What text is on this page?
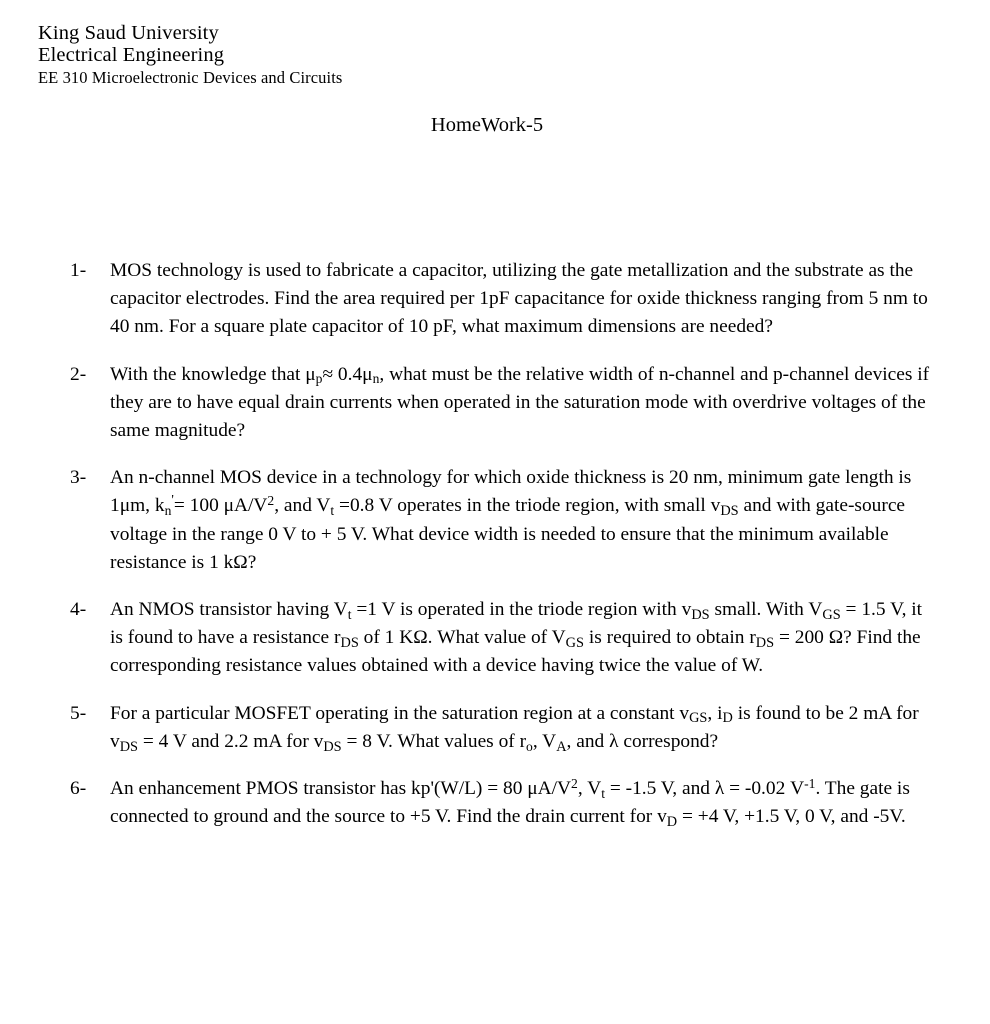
King Saud University
Electrical Engineering
EE 310 Microelectronic Devices and Circuits
HomeWork-5
1-	MOS technology is used to fabricate a capacitor, utilizing the gate metallization and the substrate as the capacitor electrodes. Find the area required per 1pF capacitance for oxide thickness ranging from 5 nm to 40 nm. For a square plate capacitor of 10 pF, what maximum dimensions are needed?
2-	With the knowledge that $\mu_p\approx 0.4\mu_n$, what must be the relative width of n-channel and p-channel devices if they are to have equal drain currents when operated in the saturation mode with overdrive voltages of the same magnitude?
3-	An n-channel MOS device in a technology for which oxide thickness is 20 nm, minimum gate length is 1μm, $k_n'= 100$ $\mu A/V^2$, and $V_t =0.8$ V operates in the triode region, with small vDS and with gate-source voltage in the range 0 V to + 5 V. What device width is needed to ensure that the minimum available resistance is 1 kΩ?
4-	An NMOS transistor having $V_t =1$ V is operated in the triode region with vDS small. With VGS = 1.5 V, it is found to have a resistance rDS of 1 KΩ. What value of VGS is required to obtain rDS = 200 Ω? Find the corresponding resistance values obtained with a device having twice the value of W.
5-	For a particular MOSFET operating in the saturation region at a constant vGS, iD is found to be 2 mA for vDS = 4 V and 2.2 mA for vDS = 8 V. What values of $r_o$, VA, and λ correspond?
6-	An enhancement PMOS transistor has kp'(W/L) = 80 $\mu A/V^2$, $V_t = -1.5$ V, and λ = -0.02 $V^{-1}$. The gate is connected to ground and the source to +5 V. Find the drain current for vD = +4 V, +1.5 V, 0 V, and -5V.
